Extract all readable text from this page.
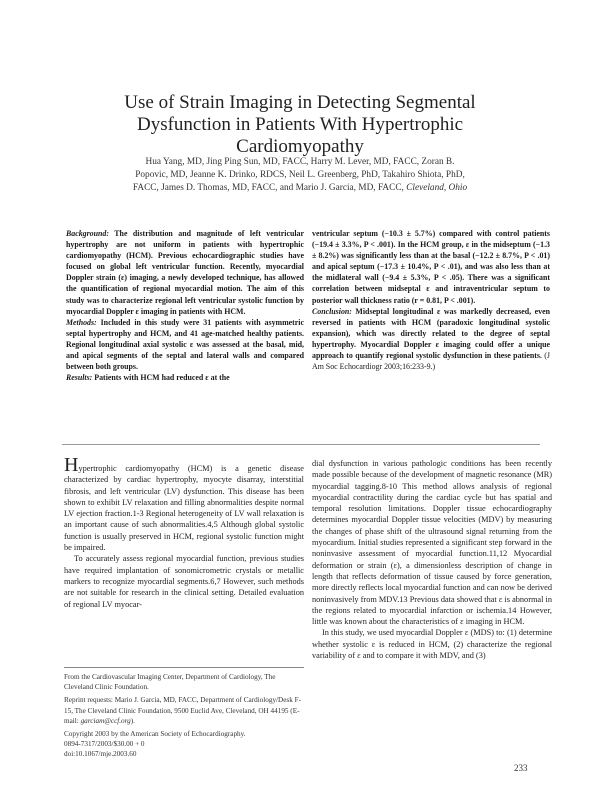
Use of Strain Imaging in Detecting Segmental
Dysfunction in Patients With Hypertrophic
Cardiomyopathy
Hua Yang, MD, Jing Ping Sun, MD, FACC, Harry M. Lever, MD, FACC, Zoran B.
Popovic, MD, Jeanne K. Drinko, RDCS, Neil L. Greenberg, PhD, Takahiro Shiota, PhD,
FACC, James D. Thomas, MD, FACC, and Mario J. Garcia, MD, FACC, Cleveland, Ohio

Background: The distribution and magnitude of left ventricular hypertrophy are not uniform in patients with hypertrophic cardiomyopathy (HCM). Previous echocardiographic studies have focused on global left ventricular function. Recently, myocardial Doppler strain (ε) imaging, a newly developed technique, has allowed the quantification of regional myocardial motion. The aim of this study was to characterize regional left ventricular systolic function by myocardial Doppler ε imaging in patients with HCM.

Methods: Included in this study were 31 patients with asymmetric septal hypertrophy and HCM, and 41 age-matched healthy patients. Regional longitudinal axial systolic ε was assessed at the basal, mid, and apical segments of the septal and lateral walls and compared between both groups.

Results: Patients with HCM had reduced ε at the

ventricular septum (−10.3 ± 5.7%) compared with control patients (−19.4 ± 3.3%, P < .001). In the HCM group, ε in the midseptum (−1.3 ± 8.2%) was significantly less than at the basal (−12.2 ± 8.7%, P < .01) and apical septum (−17.3 ± 10.4%, P < .01), and was also less than at the midlateral wall (−9.4 ± 5.3%, P < .05). There was a significant correlation between midseptal ε and intraventricular septum to posterior wall thickness ratio (r = 0.81, P < .001).

Conclusion: Midseptal longitudinal ε was markedly decreased, even reversed in patients with HCM (paradoxic longitudinal systolic expansion), which was directly related to the degree of septal hypertrophy. Myocardial Doppler ε imaging could offer a unique approach to quantify regional systolic dysfunction in these patients. (J Am Soc Echocardiogr 2003;16:233-9.)

Hypertrophic cardiomyopathy (HCM) is a genetic disease characterized by cardiac hypertrophy, myocyte disarray, interstitial fibrosis, and left ventricular (LV) dysfunction. This disease has been shown to exhibit LV relaxation and filling abnormalities despite normal LV ejection fraction.1-3 Regional heterogeneity of LV wall relaxation is an important cause of such abnormalities.4,5 Although global systolic function is usually preserved in HCM, regional systolic function might be impaired.

To accurately assess regional myocardial function, previous studies have required implantation of sonomicrometric crystals or metallic markers to recognize myocardial segments.6,7 However, such methods are not suitable for research in the clinical setting. Detailed evaluation of regional LV myocar-

dial dysfunction in various pathologic conditions has been recently made possible because of the development of magnetic resonance (MR) myocardial tagging.8-10 This method allows analysis of regional myocardial contractility during the cardiac cycle but has spatial and temporal resolution limitations. Doppler tissue echocardiography determines myocardial Doppler tissue velocities (MDV) by measuring the changes of phase shift of the ultrasound signal returning from the myocardium. Initial studies represented a significant step forward in the noninvasive assessment of myocardial function.11,12 Myocardial deformation or strain (ε), a dimensionless description of change in length that reflects deformation of tissue caused by force generation, more directly reflects local myocardial function and can now be derived noninvasively from MDV.13 Previous data showed that ε is abnormal in the regions related to myocardial infarction or ischemia.14 However, little was known about the characteristics of ε imaging in HCM.

In this study, we used myocardial Doppler ε (MDS) to: (1) determine whether systolic ε is reduced in HCM, (2) characterize the regional variability of ε and to compare it with MDV, and (3)

From the Cardiovascular Imaging Center, Department of Cardiology, The Cleveland Clinic Foundation.

Reprint requests: Mario J. Garcia, MD, FACC, Department of Cardiology/Desk F-15, The Cleveland Clinic Foundation, 9500 Euclid Ave, Cleveland, OH 44195 (E-mail: garciam@ccf.org).

Copyright 2003 by the American Society of Echocardiography.

0894-7317/2003/$30.00 + 0

doi:10.1067/mje.2003.60

233
